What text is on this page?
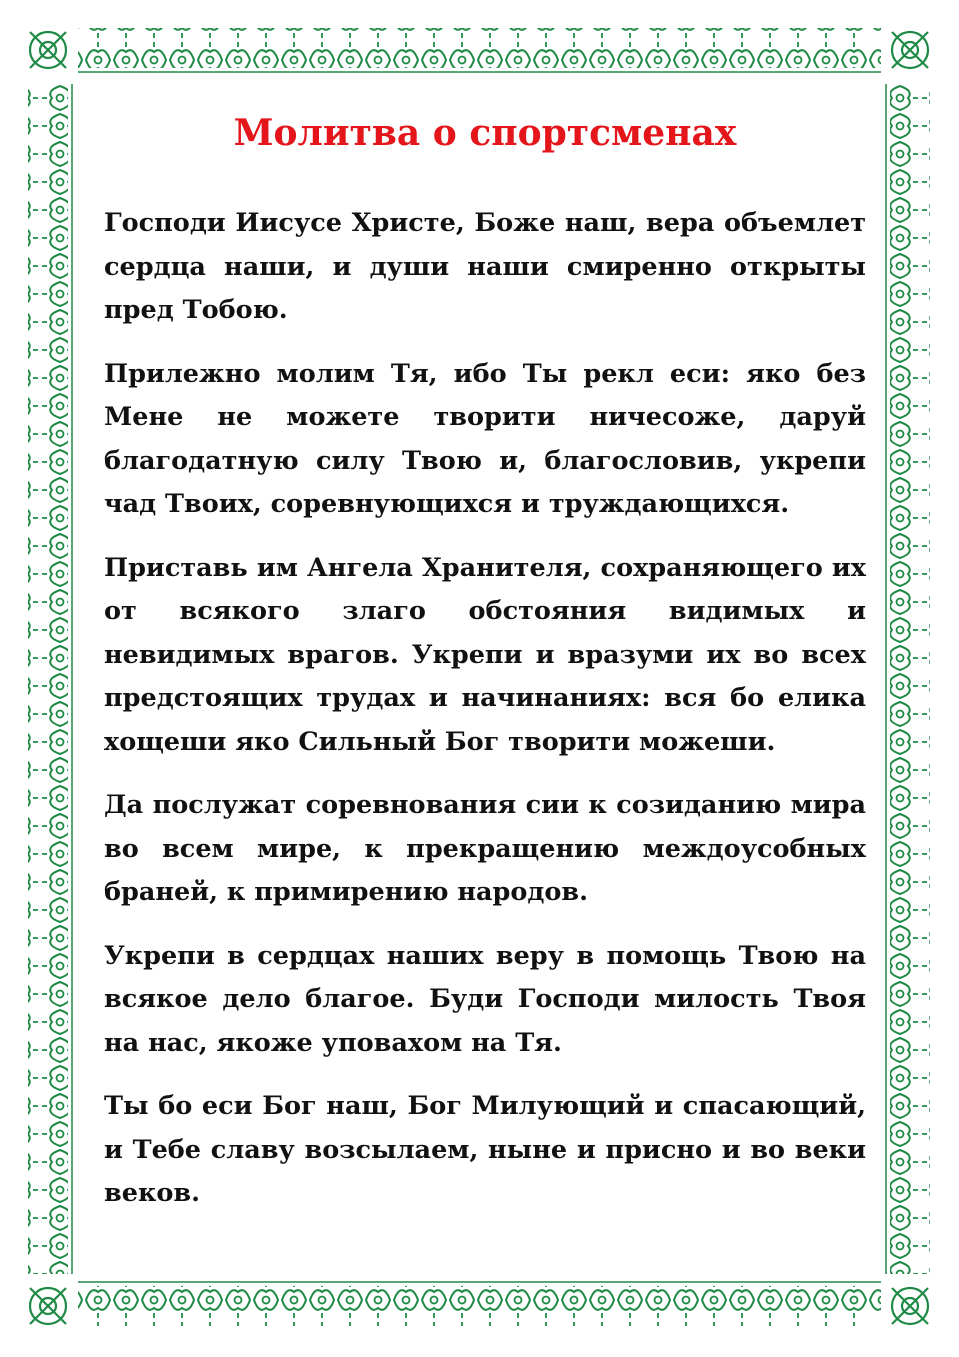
Молитва о спортсменах

Господи Иисусе Христе, Боже наш, вера объемлет сердца наши, и души наши смиренно открыты пред Тобою.

Прилежно молим Тя, ибо Ты рекл еси: яко без Мене не можете творити ничесоже, даруй благодатную силу Твою и, благословив, укрепи чад Твоих, соревнующихся и труждающихся.

Приставь им Ангела Хранителя, сохраняющего их от всякого злаго обстояния видимых и невидимых врагов. Укрепи и вразуми их во всех предстоящих трудах и начинаниях: вся бо елика хощеши яко Сильный Бог творити можеши.

Да послужат соревнования сии к созиданию мира во всем мире, к прекращению междоусобных браней, к примирению народов.

Укрепи в сердцах наших веру в помощь Твою на всякое дело благое. Буди Господи милость Твоя на нас, якоже уповахом на Тя.

Ты бо еси Бог наш, Бог Милующий и спасающий, и Тебе славу возсылаем, ныне и присно и во веки веков.
